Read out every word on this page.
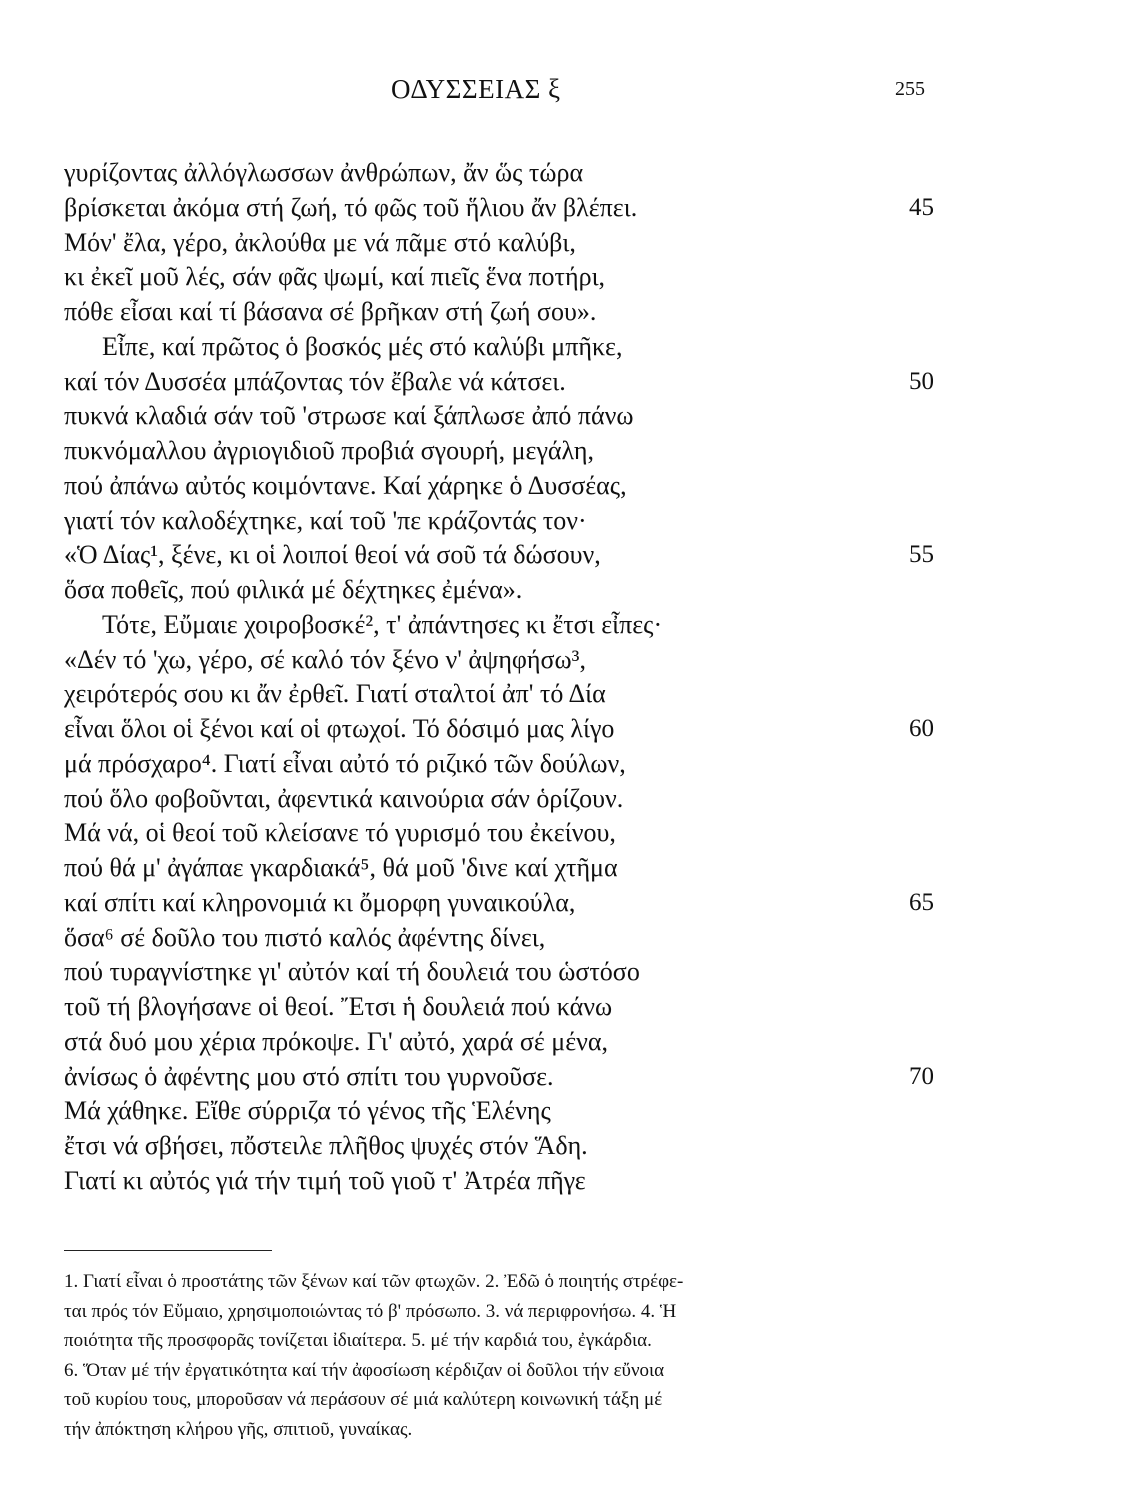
ΟΔΥΣΣΕΙΑΣ ξ	255
γυρίζοντας ἀλλόγλωσσων ἀνθρώπων, ἄν ὥς τώρα
βρίσκεται ἀκόμα στή ζωή, τό φῶς τοῦ ἥλιου ἄν βλέπει.	45
Μόν' ἔλα, γέρο, ἀκλούθα με νά πᾶμε στό καλύβι,
κι ἐκεῖ μοῦ λές, σάν φᾶς ψωμί, καί πιεῖς ἕνα ποτήρι,
πόθε εἶσαι καί τί βάσανα σέ βρῆκαν στή ζωή σου».
Εἶπε, καί πρῶτος ὁ βοσκός μές στό καλύβι μπῆκε,
καί τόν Δυσσέα μπάζοντας τόν ἔβαλε νά κάτσει.	50
πυκνά κλαδιά σάν τοῦ 'στρωσε καί ξάπλωσε ἀπό πάνω
πυκνόμαλλου ἀγριογιδιοῦ προβιά σγουρή, μεγάλη,
πού ἀπάνω αὐτός κοιμόντανε. Καί χάρηκε ὁ Δυσσέας,
γιατί τόν καλοδέχτηκε, καί τοῦ 'πε κράζοντάς τον·
«Ὁ Δίας¹, ξένε, κι οἱ λοιποί θεοί νά σοῦ τά δώσουν,	55
ὅσα ποθεῖς, πού φιλικά μέ δέχτηκες ἐμένα».
Τότε, Εὔμαιε χοιροβοσκέ², τ' ἀπάντησες κι ἔτσι εἶπες·
«Δέν τό 'χω, γέρο, σέ καλό τόν ξένο ν' ἀψηφήσω³,
χειρότερός σου κι ἄν ἐρθεῖ. Γιατί σταλτοί ἀπ' τό Δία
εἶναι ὅλοι οἱ ξένοι καί οἱ φτωχοί. Τό δόσιμό μας λίγο	60
μά πρόσχαρο⁴. Γιατί εἶναι αὐτό τό ριζικό τῶν δούλων,
πού ὅλο φοβοῦνται, ἀφεντικά καινούρια σάν ὁρίζουν.
Μά νά, οἱ θεοί τοῦ κλείσανε τό γυρισμό του ἐκείνου,
πού θά μ' ἀγάπαε γκαρδιακά⁵, θά μοῦ 'δινε καί χτῆμα
καί σπίτι καί κληρονομιά κι ὄμορφη γυναικούλα,	65
ὅσα⁶ σέ δοῦλο του πιστό καλός ἀφέντης δίνει,
πού τυραγνίστηκε γι' αὐτόν καί τή δουλειά του ὡστόσο
τοῦ τή βλογήσανε οἱ θεοί. Ἔτσι ἡ δουλειά πού κάνω
στά δυό μου χέρια πρόκοψε. Γι' αὐτό, χαρά σέ μένα,
ἀνίσως ὁ ἀφέντης μου στό σπίτι του γυρνοῦσε.	70
Μά χάθηκε. Εἴθε σύρριζα τό γένος τῆς Ἑλένης
ἔτσι νά σβήσει, πὄστειλε πλῆθος ψυχές στόν Ἅδη.
Γιατί κι αὐτός γιά τήν τιμή τοῦ γιοῦ τ' Ἀτρέα πῆγε
1. Γιατί εἶναι ὁ προστάτης τῶν ξένων καί τῶν φτωχῶν. 2. Ἐδῶ ὁ ποιητής στρέφε-
ται πρός τόν Εὔμαιο, χρησιμοποιώντας τό β' πρόσωπο. 3. νά περιφρονήσω. 4. Ἡ
ποιότητα τῆς προσφορᾶς τονίζεται ἰδιαίτερα. 5. μέ τήν καρδιά του, ἐγκάρδια.
6. Ὅταν μέ τήν ἐργατικότητα καί τήν ἀφοσίωση κέρδιζαν οἱ δοῦλοι τήν εὔνοια
τοῦ κυρίου τους, μποροῦσαν νά περάσουν σέ μιά καλύτερη κοινωνική τάξη μέ
τήν ἀπόκτηση κλήρου γῆς, σπιτιοῦ, γυναίκας.
